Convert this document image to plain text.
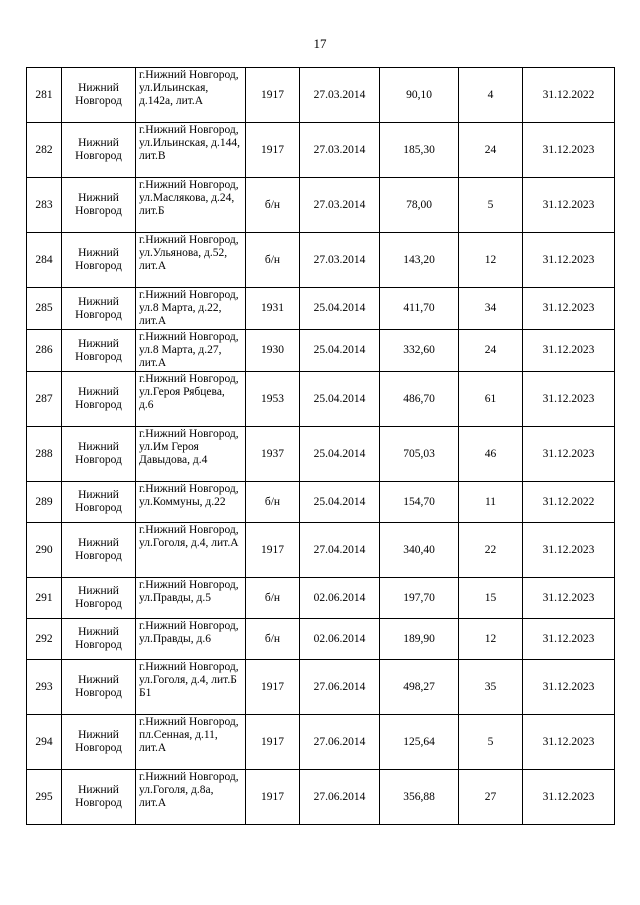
17
281	Нижний Новгород	г.Нижний Новгород, ул.Ильинская, д.142а, лит.А	1917	27.03.2014	90,10	4	31.12.2022
282	Нижний Новгород	г.Нижний Новгород, ул.Ильинская, д.144, лит.В	1917	27.03.2014	185,30	24	31.12.2023
283	Нижний Новгород	г.Нижний Новгород, ул.Маслякова, д.24, лит.Б	б/н	27.03.2014	78,00	5	31.12.2023
284	Нижний Новгород	г.Нижний Новгород, ул.Ульянова, д.52, лит.А	б/н	27.03.2014	143,20	12	31.12.2023
285	Нижний Новгород	г.Нижний Новгород, ул.8 Марта, д.22, лит.А	1931	25.04.2014	411,70	34	31.12.2023
286	Нижний Новгород	г.Нижний Новгород, ул.8 Марта, д.27, лит.А	1930	25.04.2014	332,60	24	31.12.2023
287	Нижний Новгород	г.Нижний Новгород, ул.Героя Рябцева, д.6	1953	25.04.2014	486,70	61	31.12.2023
288	Нижний Новгород	г.Нижний Новгород, ул.Им Героя Давыдова, д.4	1937	25.04.2014	705,03	46	31.12.2023
289	Нижний Новгород	г.Нижний Новгород, ул.Коммуны, д.22	б/н	25.04.2014	154,70	11	31.12.2022
290	Нижний Новгород	г.Нижний Новгород, ул.Гоголя, д.4, лит.А	1917	27.04.2014	340,40	22	31.12.2023
291	Нижний Новгород	г.Нижний Новгород, ул.Правды, д.5	б/н	02.06.2014	197,70	15	31.12.2023
292	Нижний Новгород	г.Нижний Новгород, ул.Правды, д.6	б/н	02.06.2014	189,90	12	31.12.2023
293	Нижний Новгород	г.Нижний Новгород, ул.Гоголя, д.4, лит.Б Б1	1917	27.06.2014	498,27	35	31.12.2023
294	Нижний Новгород	г.Нижний Новгород, пл.Сенная, д.11, лит.А	1917	27.06.2014	125,64	5	31.12.2023
295	Нижний Новгород	г.Нижний Новгород, ул.Гоголя, д.8а, лит.А	1917	27.06.2014	356,88	27	31.12.2023
